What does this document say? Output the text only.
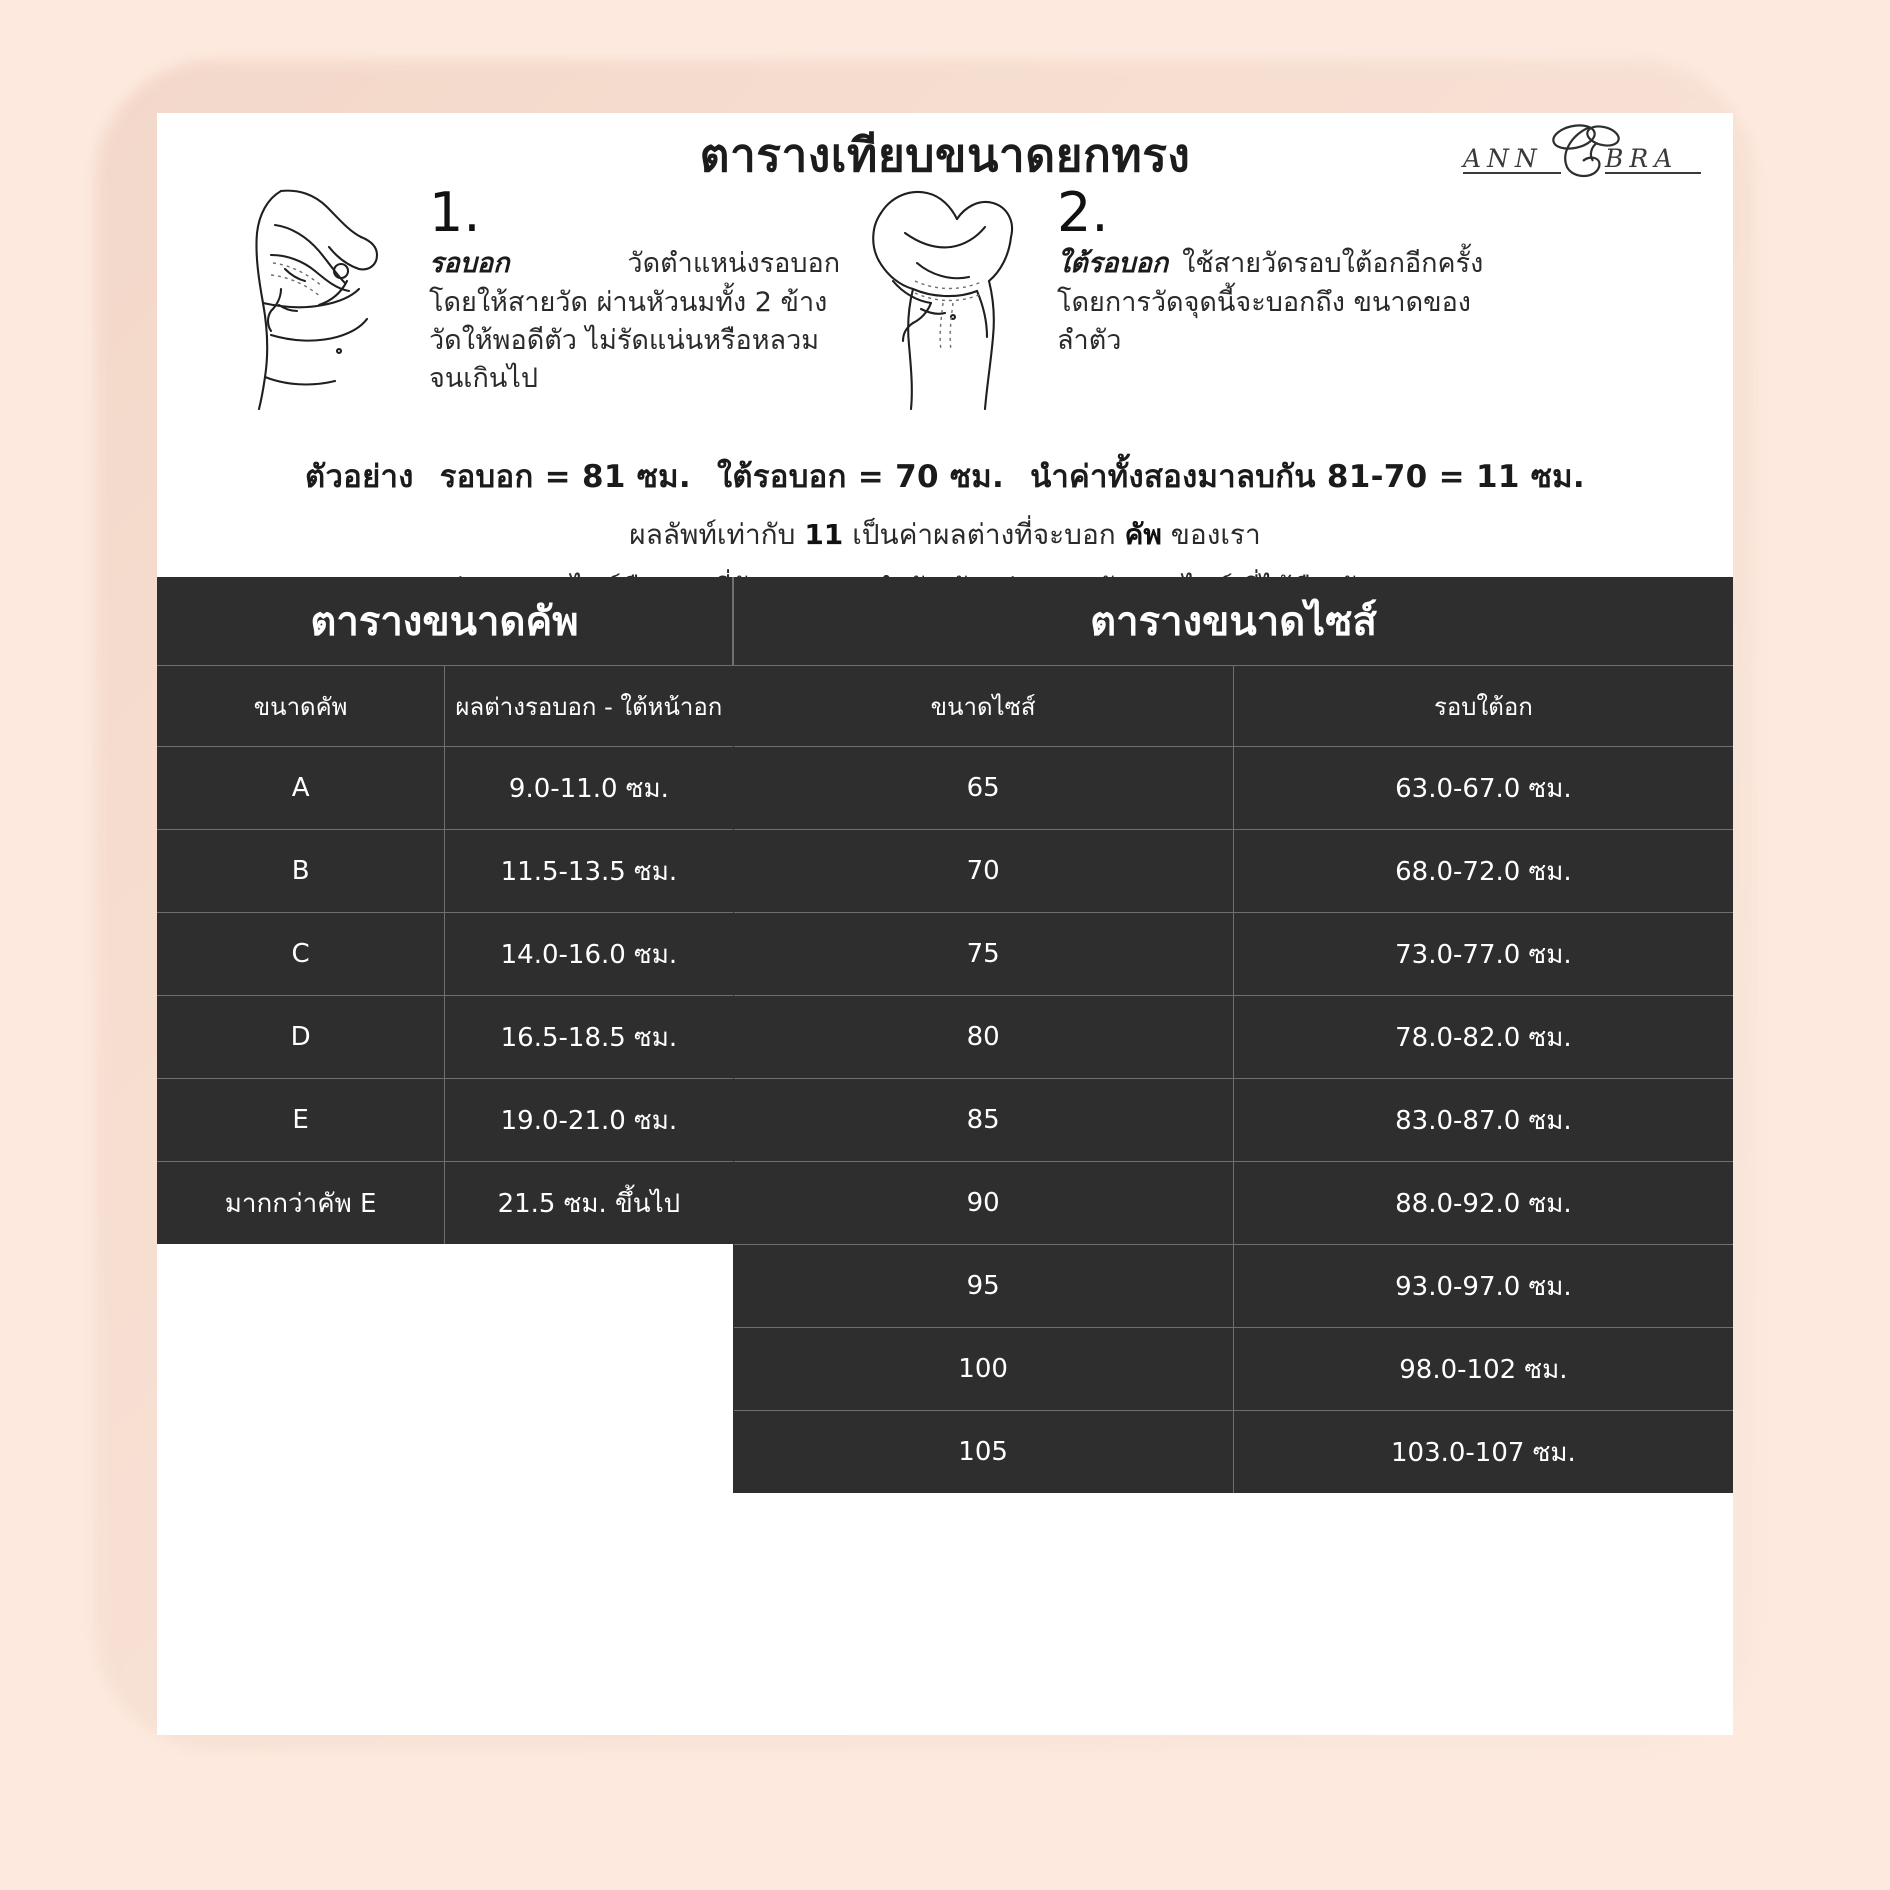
ตารางเทียบขนาดยกทรง	ANN BRA
1.
รอบอก	วัดตำแหน่งรอบอก
โดยให้สายวัด ผ่านหัวนมทั้ง 2 ข้าง
วัดให้พอดีตัว ไม่รัดแน่นหรือหลวม
จนเกินไป
2.
ใต้รอบอก ใช้สายวัดรอบใต้อกอีกครั้ง
โดยการวัดจุดนี้จะบอกถึง ขนาดของ
ลำตัว
ตัวอย่าง รอบอก = 81 ซม. ใต้รอบอก = 70 ซม. นำค่าทั้งสองมาลบกัน 81-70 = 11 ซม.
ผลลัพท์เท่ากับ 11 เป็นค่าผลต่างที่จะบอก คัพ ของเรา
ตารางขนาดคัพ	
ขนาดคัพ	ผลต่างรอบอก - ใต้หน้าอก
A	9.0-11.0 ซม.
B	11.5-13.5 ซม.
C	14.0-16.0 ซม.
D	16.5-18.5 ซม.
E	19.0-21.0 ซม.
มากกว่าคัพ E	21.5 ซม. ขึ้นไป
ตารางขนาดไซส์	
ขนาดไซส์	รอบใต้อก
65	63.0-67.0 ซม.
70	68.0-72.0 ซม.
75	73.0-77.0 ซม.
80	78.0-82.0 ซม.
85	83.0-87.0 ซม.
90	88.0-92.0 ซม.
95	93.0-97.0 ซม.
100	98.0-102 ซม.
105	103.0-107 ซม.
